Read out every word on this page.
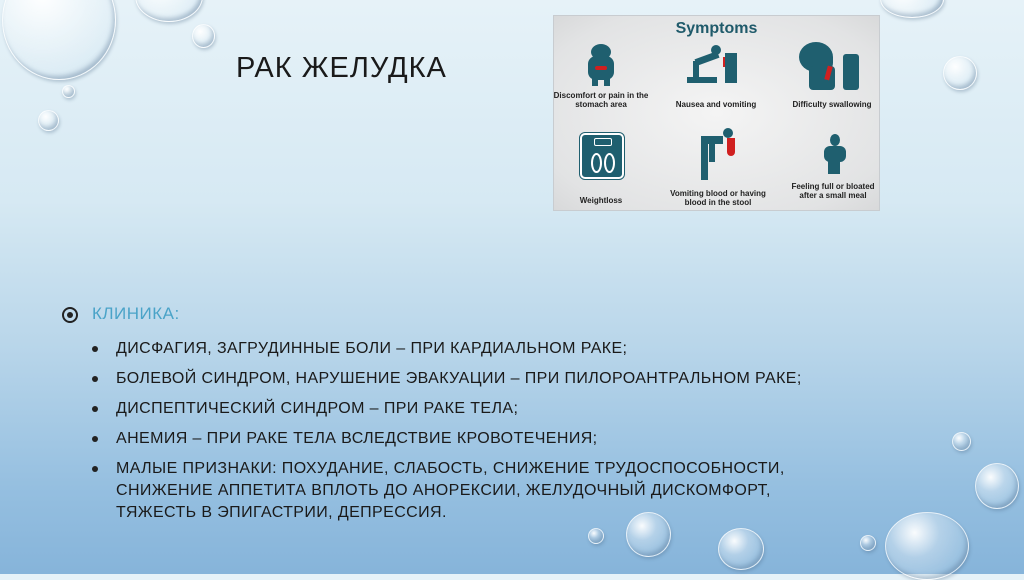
РАК ЖЕЛУДКА
Symptoms
Discomfort or pain in the stomach area	Nausea and vomiting	Difficulty swallowing
Weightloss
Vomiting blood or having blood in the stool
Feeling full or bloated after a small meal
КЛИНИКА:
ДИСФАГИЯ, ЗАГРУДИННЫЕ БОЛИ – ПРИ КАРДИАЛЬНОМ РАКЕ;
БОЛЕВОЙ СИНДРОМ, НАРУШЕНИЕ ЭВАКУАЦИИ – ПРИ ПИЛОРОАНТРАЛЬНОМ РАКЕ;
ДИСПЕПТИЧЕСКИЙ СИНДРОМ – ПРИ РАКЕ ТЕЛА;
АНЕМИЯ – ПРИ РАКЕ ТЕЛА ВСЛЕДСТВИЕ КРОВОТЕЧЕНИЯ;
МАЛЫЕ ПРИЗНАКИ: ПОХУДАНИЕ, СЛАБОСТЬ, СНИЖЕНИЕ ТРУДОСПОСОБНОСТИ, СНИЖЕНИЕ АППЕТИТА ВПЛОТЬ ДО АНОРЕКСИИ, ЖЕЛУДОЧНЫЙ ДИСКОМФОРТ, ТЯЖЕСТЬ В ЭПИГАСТРИИ, ДЕПРЕССИЯ.
